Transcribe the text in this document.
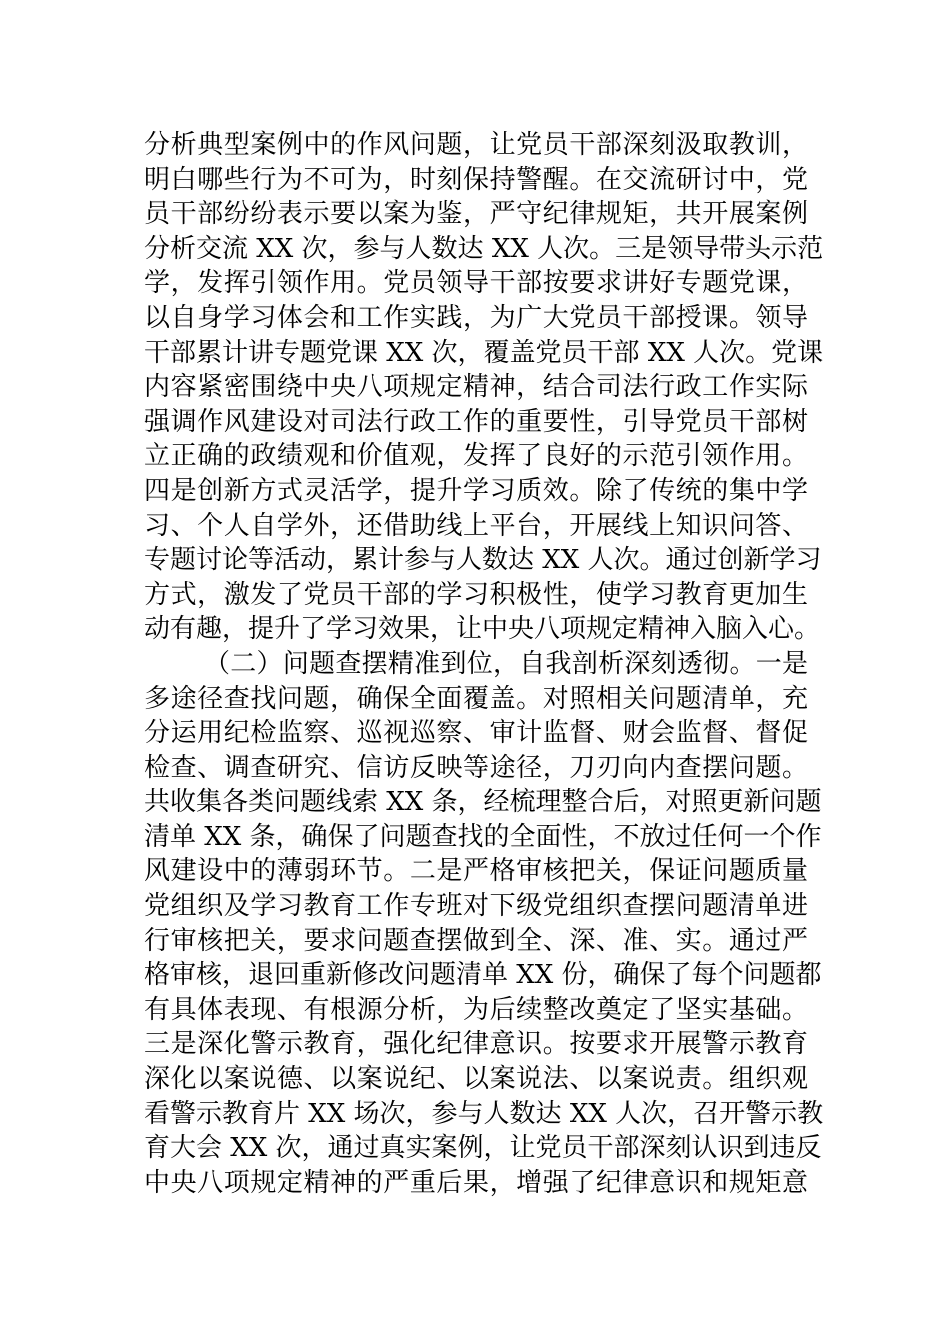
分析典型案例中的作风问题，让党员干部深刻汲取教训，
明白哪些行为不可为，时刻保持警醒。在交流研讨中，党
员干部纷纷表示要以案为鉴，严守纪律规矩，共开展案例
分析交流 XX 次，参与人数达 XX 人次。三是领导带头示范
学，发挥引领作用。党员领导干部按要求讲好专题党课，
以自身学习体会和工作实践，为广大党员干部授课。领导
干部累计讲专题党课 XX 次，覆盖党员干部 XX 人次。党课
内容紧密围绕中央八项规定精神，结合司法行政工作实际
强调作风建设对司法行政工作的重要性，引导党员干部树
立正确的政绩观和价值观，发挥了良好的示范引领作用。
四是创新方式灵活学，提升学习质效。除了传统的集中学
习、个人自学外，还借助线上平台，开展线上知识问答、
专题讨论等活动，累计参与人数达 XX 人次。通过创新学习
方式，激发了党员干部的学习积极性，使学习教育更加生
动有趣，提升了学习效果，让中央八项规定精神入脑入心。
（二）问题查摆精准到位，自我剖析深刻透彻。一是
多途径查找问题，确保全面覆盖。对照相关问题清单，充
分运用纪检监察、巡视巡察、审计监督、财会监督、督促
检查、调查研究、信访反映等途径，刀刃向内查摆问题。
共收集各类问题线索 XX 条，经梳理整合后，对照更新问题
清单 XX 条，确保了问题查找的全面性，不放过任何一个作
风建设中的薄弱环节。二是严格审核把关，保证问题质量
党组织及学习教育工作专班对下级党组织查摆问题清单进
行审核把关，要求问题查摆做到全、深、准、实。通过严
格审核，退回重新修改问题清单 XX 份，确保了每个问题都
有具体表现、有根源分析，为后续整改奠定了坚实基础。
三是深化警示教育，强化纪律意识。按要求开展警示教育
深化以案说德、以案说纪、以案说法、以案说责。组织观
看警示教育片 XX 场次，参与人数达 XX 人次，召开警示教
育大会 XX 次，通过真实案例，让党员干部深刻认识到违反
中央八项规定精神的严重后果，增强了纪律意识和规矩意
